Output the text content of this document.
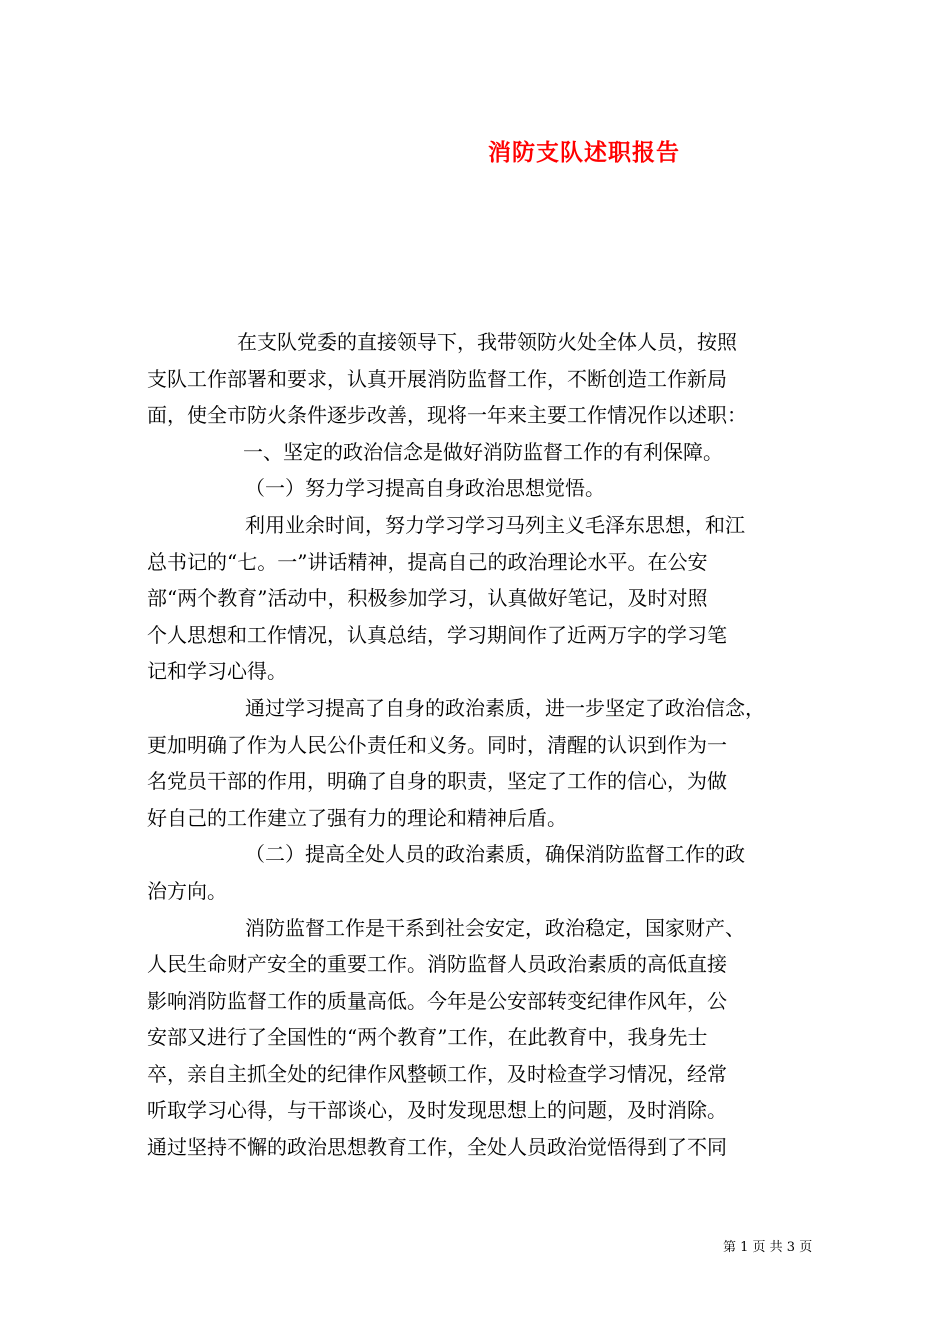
消防支队述职报告
在支队党委的直接领导下，我带领防火处全体人员，按照
支队工作部署和要求，认真开展消防监督工作，不断创造工作新局
面，使全市防火条件逐步改善，现将一年来主要工作情况作以述职：
一、坚定的政治信念是做好消防监督工作的有利保障。
（一）努力学习提高自身政治思想觉悟。
利用业余时间，努力学习学习马列主义毛泽东思想，和江
总书记的“七。一”讲话精神，提高自己的政治理论水平。在公安
部“两个教育”活动中，积极参加学习，认真做好笔记，及时对照
个人思想和工作情况，认真总结，学习期间作了近两万字的学习笔
记和学习心得。
通过学习提高了自身的政治素质，进一步坚定了政治信念，
更加明确了作为人民公仆责任和义务。同时，清醒的认识到作为一
名党员干部的作用，明确了自身的职责，坚定了工作的信心，为做
好自己的工作建立了强有力的理论和精神后盾。
（二）提高全处人员的政治素质，确保消防监督工作的政
治方向。
消防监督工作是干系到社会安定，政治稳定，国家财产、
人民生命财产安全的重要工作。消防监督人员政治素质的高低直接
影响消防监督工作的质量高低。今年是公安部转变纪律作风年，公
安部又进行了全国性的“两个教育”工作，在此教育中，我身先士
卒，亲自主抓全处的纪律作风整顿工作，及时检查学习情况，经常
听取学习心得，与干部谈心，及时发现思想上的问题，及时消除。
通过坚持不懈的政治思想教育工作，全处人员政治觉悟得到了不同
第 1 页 共 3 页
